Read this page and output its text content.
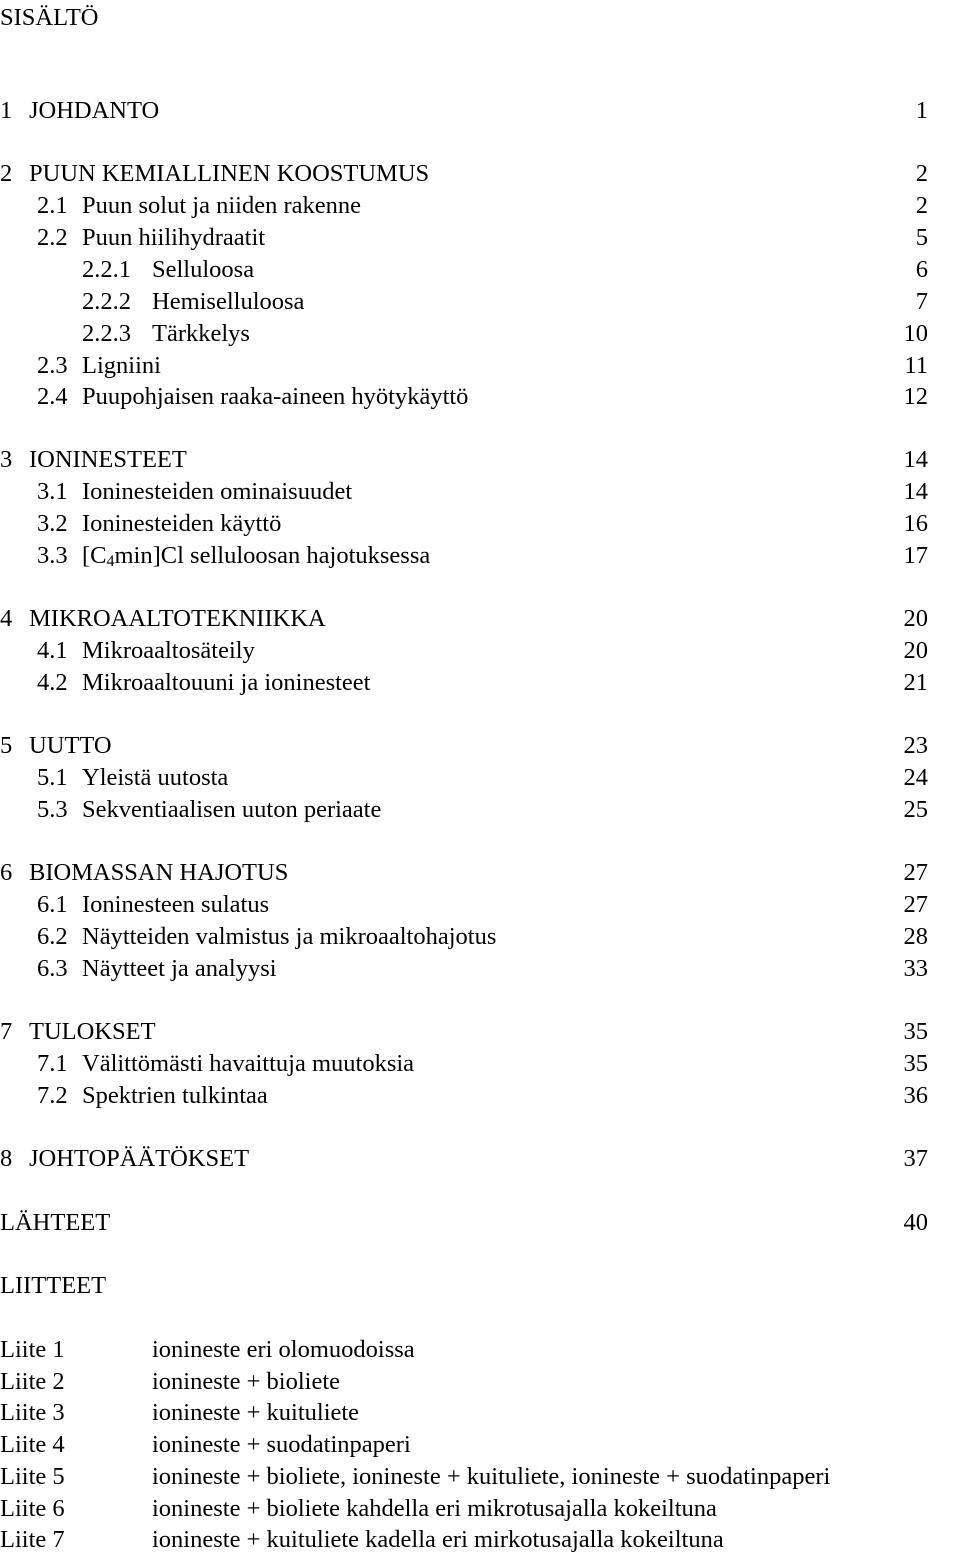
SISÄLTÖ
1 JOHDANTO	1
2 PUUN KEMIALLINEN KOOSTUMUS	2
2.1 Puun solut ja niiden rakenne	2
2.2 Puun hiilihydraatit	5
2.2.1 Selluloosa	6
2.2.2 Hemiselluloosa	7
2.2.3 Tärkkelys	10
2.3 Ligniini	11
2.4 Puupohjaisen raaka-aineen hyötykäyttö	12
3 IONINESTEET	14
3.1 Ioninesteiden ominaisuudet	14
3.2 Ioninesteiden käyttö	16
3.3 $[C_4\min]Cl$ selluloosan hajotuksessa	17
4 MIKROAALTOTEKNIIKKA	20
4.1 Mikroaaltosäteily	20
4.2 Mikroaaltouuni ja ioninesteet	21
5 UUTTO	23
5.1 Yleistä uutosta	24
5.3 Sekventiaalisen uuton periaate	25
6 BIOMASSAN HAJOTUS	27
6.1 Ioninesteen sulatus	27
6.2 Näytteiden valmistus ja mikroaaltohajotus	28
6.3 Näytteet ja analyysi	33
7 TULOKSET	35
7.1 Välittömästi havaittuja muutoksia	35
7.2 Spektrien tulkintaa	36
8 JOHTOPÄÄTÖKSET	37
LÄHTEET	40
LIITTEET
Liite 1	ionineste eri olomuodoissa
Liite 2	ionineste + bioliete
Liite 3	ionineste + kuituliete
Liite 4	ionineste + suodatinpaperi
Liite 5	ionineste + bioliete, ionineste + kuituliete, ionineste + suodatinpaperi
Liite 6	ionineste + bioliete kahdella eri mikrotusajalla kokeiltuna
Liite 7	ionineste + kuituliete kadella eri mirkotusajalla kokeiltuna
